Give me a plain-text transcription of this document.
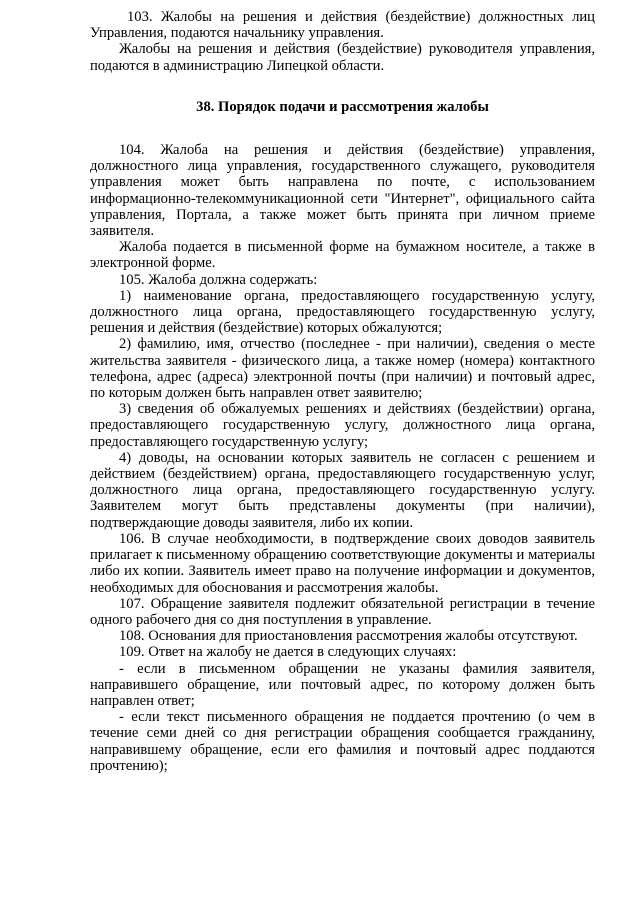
103. Жалобы на решения и действия (бездействие) должностных лиц Управления, подаются начальнику управления.

Жалобы на решения и действия (бездействие) руководителя управления, подаются в администрацию Липецкой области.

38. Порядок подачи и рассмотрения жалобы

104. Жалоба на решения и действия (бездействие) управления, должностного лица управления, государственного служащего, руководителя управления может быть направлена по почте, с использованием информационно-телекоммуникационной сети "Интернет", официального сайта управления, Портала, а также может быть принята при личном приеме заявителя.

Жалоба подается в письменной форме на бумажном носителе, а также в электронной форме.

105. Жалоба должна содержать:

1) наименование органа, предоставляющего государственную услугу, должностного лица органа, предоставляющего государственную услугу, решения и действия (бездействие) которых обжалуются;

2) фамилию, имя, отчество (последнее - при наличии), сведения о месте жительства заявителя - физического лица, а также номер (номера) контактного телефона, адрес (адреса) электронной почты (при наличии) и почтовый адрес, по которым должен быть направлен ответ заявителю;

3) сведения об обжалуемых решениях и действиях (бездействии) органа, предоставляющего государственную услугу, должностного лица органа, предоставляющего государственную услугу;

4) доводы, на основании которых заявитель не согласен с решением и действием (бездействием) органа, предоставляющего государственную услуг, должностного лица органа, предоставляющего государственную услугу. Заявителем могут быть представлены документы (при наличии), подтверждающие доводы заявителя, либо их копии.

106. В случае необходимости, в подтверждение своих доводов заявитель прилагает к письменному обращению соответствующие документы и материалы либо их копии. Заявитель имеет право на получение информации и документов, необходимых для обоснования и рассмотрения жалобы.

107. Обращение заявителя подлежит обязательной регистрации в течение одного рабочего дня со дня поступления в управление.

108. Основания для приостановления рассмотрения жалобы отсутствуют.

109. Ответ на жалобу не дается в следующих случаях:

- если в письменном обращении не указаны фамилия заявителя, направившего обращение, или почтовый адрес, по которому должен быть направлен ответ;

- если текст письменного обращения не поддается прочтению (о чем в течение семи дней со дня регистрации обращения сообщается гражданину, направившему обращение, если его фамилия и почтовый адрес поддаются прочтению);
